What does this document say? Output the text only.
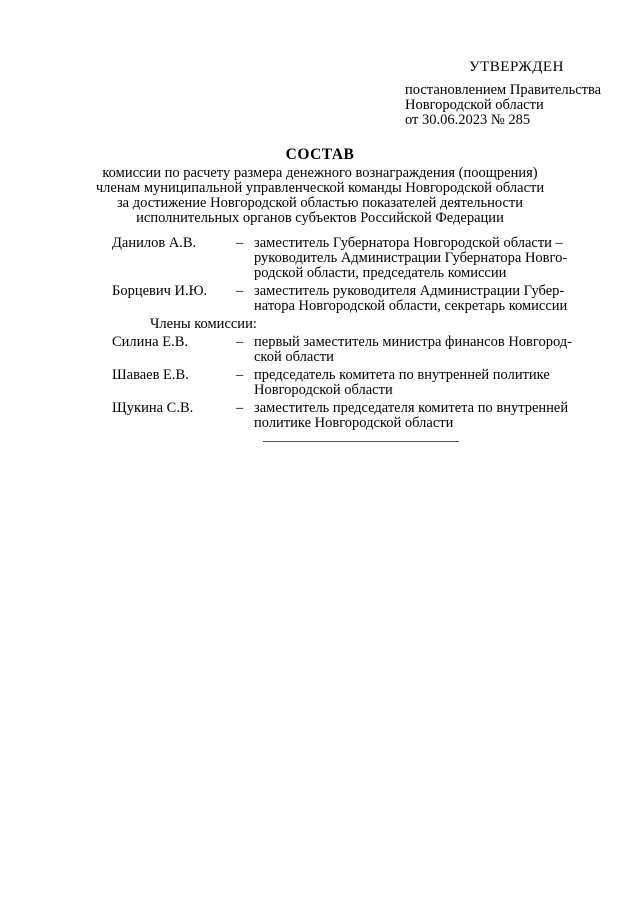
УТВЕРЖДЕН
постановлением Правительства
Новгородской области
от 30.06.2023 № 285
СОСТАВ
комиссии по расчету размера денежного вознаграждения (поощрения)
членам муниципальной управленческой команды Новгородской области
за достижение Новгородской областью показателей деятельности
исполнительных органов субъектов Российской Федерации
Данилов А.В.	– заместитель Губернатора Новгородской области –
руководитель Администрации Губернатора Новго-
родской области, председатель комиссии
Борцевич И.Ю.	– заместитель руководителя Администрации Губер-
натора Новгородской области, секретарь комиссии
Члены комиссии:
Силина Е.В.	– первый заместитель министра финансов Новгород-
ской области
Шаваев Е.В.	– председатель комитета по внутренней политике
Новгородской области
Щукина С.В.	– заместитель председателя комитета по внутренней
политике Новгородской области
